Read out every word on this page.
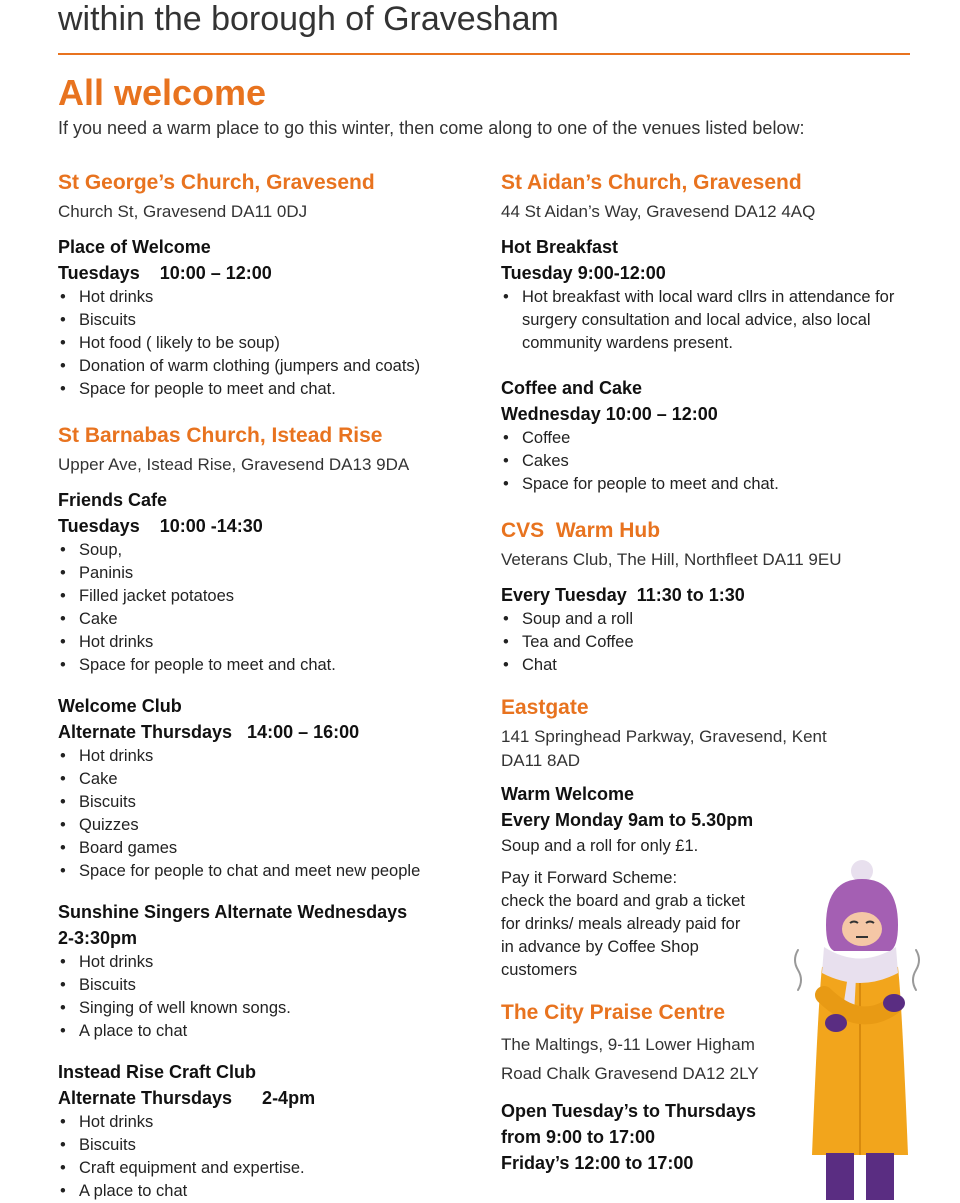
within the borough of Gravesham
All welcome
If you need a warm place to go this winter, then come along to one of the venues listed below:

St George’s Church, Gravesend

Church St, Gravesend DA11 0DJ

Place of Welcome

Tuesdays    10:00 – 12:00

• Hot drinks
• Biscuits
• Hot food ( likely to be soup)
• Donation of warm clothing (jumpers and coats)
• Space for people to meet and chat.

St Barnabas Church, Istead Rise

Upper Ave, Istead Rise, Gravesend DA13 9DA

Friends Cafe

Tuesdays    10:00 -14:30

• Soup,
• Paninis
• Filled jacket potatoes
• Cake
• Hot drinks
• Space for people to meet and chat.

Welcome Club

Alternate Thursdays   14:00 – 16:00

• Hot drinks
• Cake
• Biscuits
• Quizzes
• Board games
• Space for people to chat and meet new people

Sunshine Singers Alternate Wednesdays

2-3:30pm

• Hot drinks
• Biscuits
• Singing of well known songs.
• A place to chat

Instead Rise Craft Club

Alternate Thursdays      2-4pm

• Hot drinks
• Biscuits
• Craft equipment and expertise.
• A place to chat

St Aidan’s Church, Gravesend

44 St Aidan’s Way, Gravesend DA12 4AQ

Hot Breakfast

Tuesday 9:00-12:00

• Hot breakfast with local ward cllrs in attendance for surgery consultation and local advice, also local community wardens present.

Coffee and Cake

Wednesday 10:00 – 12:00

• Coffee
• Cakes
• Space for people to meet and chat.

CVS  Warm Hub

Veterans Club, The Hill, Northfleet DA11 9EU

Every Tuesday  11:30 to 1:30

• Soup and a roll
• Tea and Coffee
• Chat

Eastgate

141 Springhead Parkway, Gravesend, Kent
DA11 8AD

Warm Welcome

Every Monday 9am to 5.30pm

Soup and a roll for only £1.

Pay it Forward Scheme:

check the board and grab a ticket

for drinks/ meals already paid for

in advance by Coffee Shop

customers

The City Praise Centre

The Maltings, 9-11 Lower Higham
Road Chalk Gravesend DA12 2LY

Open Tuesday’s to Thursdays

from 9:00 to 17:00

Friday’s 12:00 to 17:00
